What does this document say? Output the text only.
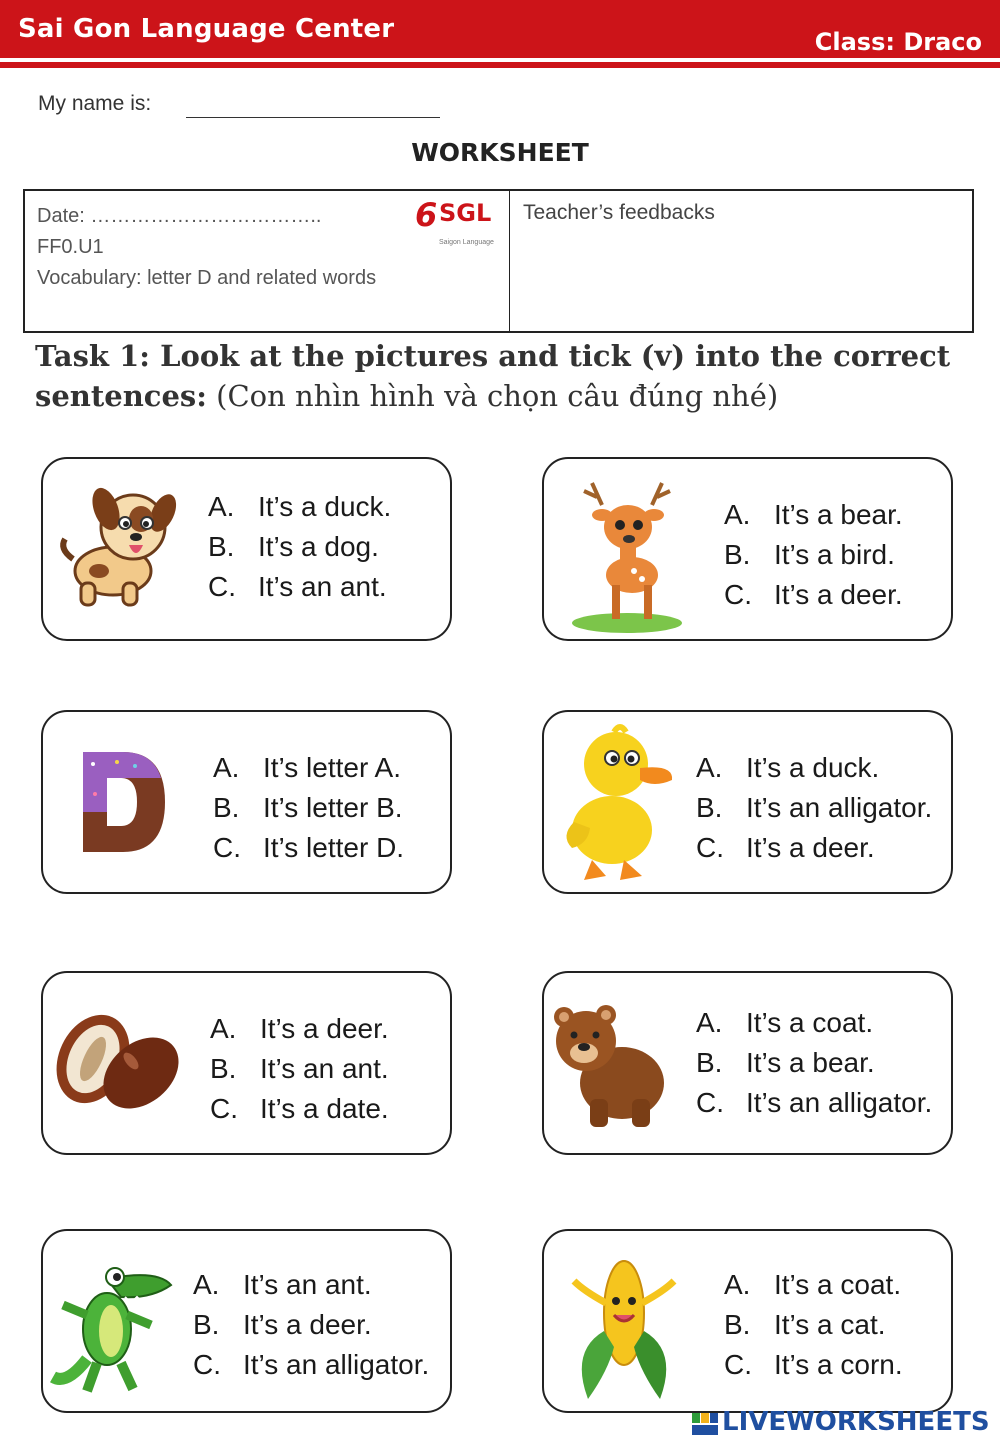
Sai Gon Language Center	Class: Draco
My name is:
WORKSHEET
Date: ……………………………..
FF0.U1
Vocabulary: letter D and related words
6 SGL
Saigon Language
Teacher’s feedbacks
Task 1: Look at the pictures and tick (v) into the correct sentences: (Con nhìn hình và chọn câu đúng nhé)
A. It’s a duck.
B. It’s a dog.
C. It’s an ant.
A. It’s a bear.
B. It’s a bird.
C. It’s a deer.
A. It’s letter A.
B. It’s letter B.
C. It’s letter D.
A. It’s a duck.
B. It’s an alligator.
C. It’s a deer.
A. It’s a deer.
B. It’s an ant.
C. It’s a date.
A. It’s a coat.
B. It’s a bear.
C. It’s an alligator.
A. It’s an ant.
B. It’s a deer.
C. It’s an alligator.
A. It’s a coat.
B. It’s a cat.
C. It’s a corn.
LIVEWORKSHEETS
